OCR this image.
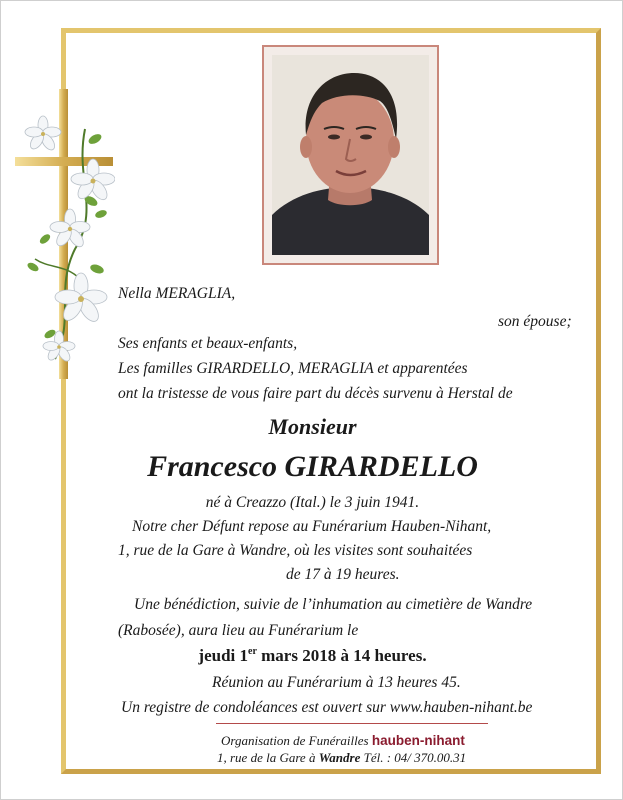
Nella MERAGLIA,
son épouse;
Ses enfants et beaux-enfants,
Les familles GIRARDELLO, MERAGLIA et apparentées
ont la tristesse de vous faire part du décès survenu à Herstal de
Monsieur
Francesco GIRARDELLO
né à Creazzo (Ital.) le 3 juin 1941.
Notre cher Défunt repose au Funérarium Hauben-Nihant,
1, rue de la Gare à Wandre, où les visites sont souhaitées
de 17 à 19 heures.
Une bénédiction, suivie de l’inhumation au cimetière de Wandre
(Rabosée), aura lieu au Funérarium le
jeudi 1er mars 2018 à 14 heures.
Réunion au Funérarium à 13 heures 45.
Un registre de condoléances est ouvert sur www.hauben-nihant.be
Organisation de Funérailles hauben-nihant
1, rue de la Gare à Wandre Tél. : 04/ 370.00.31
